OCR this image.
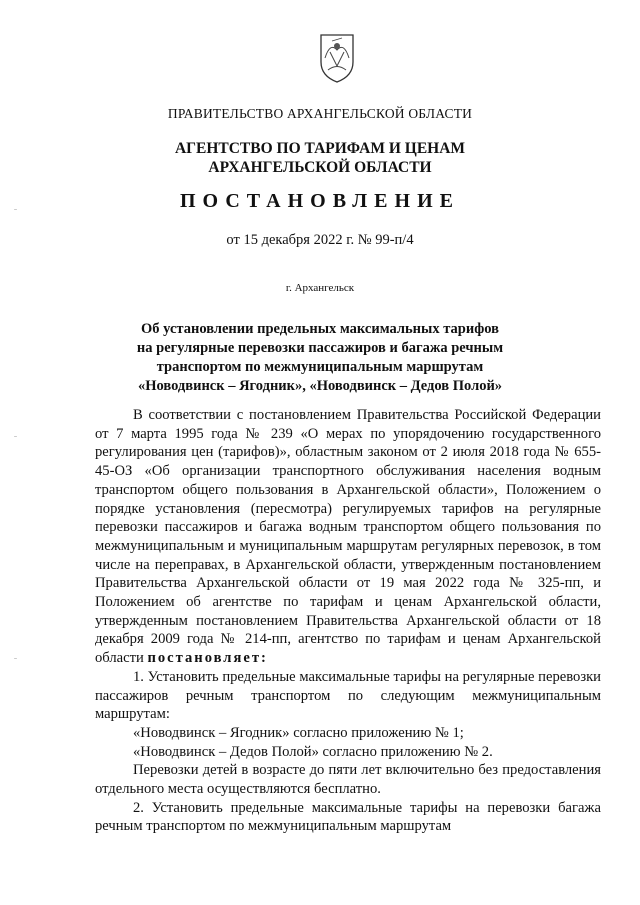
ПРАВИТЕЛЬСТВО АРХАНГЕЛЬСКОЙ ОБЛАСТИ
АГЕНТСТВО ПО ТАРИФАМ И ЦЕНАМ
АРХАНГЕЛЬСКОЙ ОБЛАСТИ
ПОСТАНОВЛЕНИЕ
от 15 декабря 2022 г. № 99-п/4
г. Архангельск
Об установлении предельных максимальных тарифов
на регулярные перевозки пассажиров и багажа речным
транспортом по межмуниципальным маршрутам
«Новодвинск – Ягодник», «Новодвинск – Дедов Полой»

В соответствии с постановлением Правительства Российской Федерации от 7 марта 1995 года № 239 «О мерах по упорядочению государственного регулирования цен (тарифов)», областным законом от 2 июля 2018 года № 655-45-ОЗ «Об организации транспортного обслуживания населения водным транспортом общего пользования в Архангельской области», Положением о порядке установления (пересмотра) регулируемых тарифов на регулярные перевозки пассажиров и багажа водным транспортом общего пользования по межмуниципальным и муниципальным маршрутам регулярных перевозок, в том числе на переправах, в Архангельской области, утвержденным постановлением Правительства Архангельской области от 19 мая 2022 года № 325-пп, и Положением об агентстве по тарифам и ценам Архангельской области, утвержденным постановлением Правительства Архангельской области от 18 декабря 2009 года № 214-пп, агентство по тарифам и ценам Архангельской области постановляет:

1. Установить предельные максимальные тарифы на регулярные перевозки пассажиров речным транспортом по следующим межмуниципальным маршрутам:

«Новодвинск – Ягодник» согласно приложению № 1;

«Новодвинск – Дедов Полой» согласно приложению № 2.

Перевозки детей в возрасте до пяти лет включительно без предоставления отдельного места осуществляются бесплатно.

2. Установить предельные максимальные тарифы на перевозки багажа речным транспортом по межмуниципальным маршрутам

˗
˗
˗
